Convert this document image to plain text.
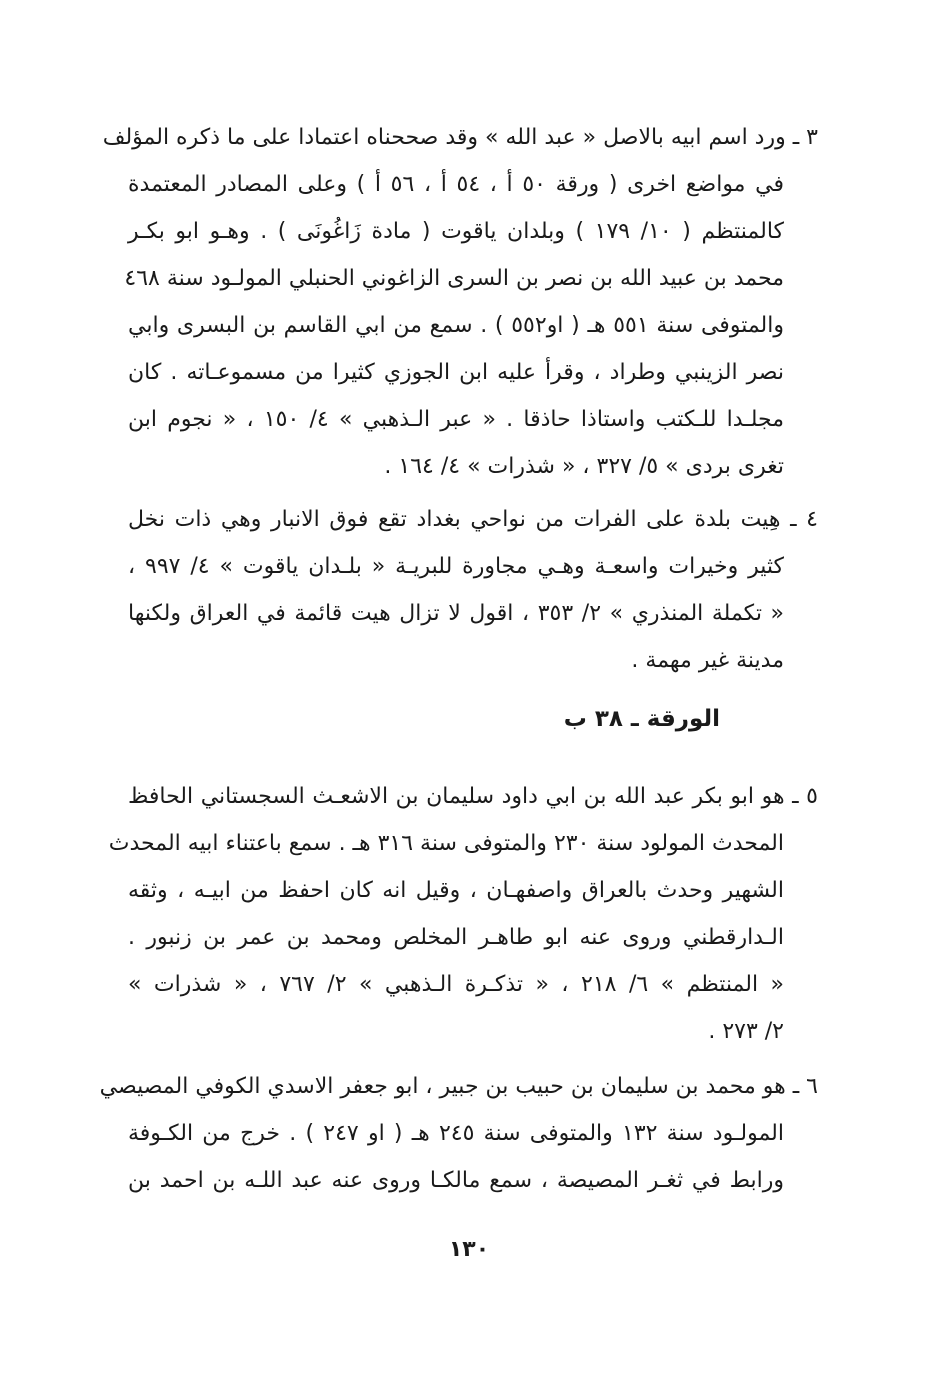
٣ ـ ورد اسم ابيه بالاصل « عبد الله » وقد صححناه اعتمادا على ما ذكره المؤلف
في مواضع اخرى ( ورقة ٥٠ أ ، ٥٤ أ ، ٥٦ أ ) وعلى المصادر المعتمدة
كالمنتظم ( ١٠/ ١٧٩ ) وبلدان ياقوت ( مادة زَاغُونَى ) . وهـو ابو بكـر
محمد بن عبيد الله بن نصر بن السرى الزاغوني الحنبلي المولـود سنة ٤٦٨
والمتوفى سنة ٥٥١ هـ ( او٥٥٢ ) . سمع من ابي القاسم بن البسرى وابي
نصر الزينبي وطراد ، وقرأ عليه ابن الجوزي كثيرا من مسموعـاته . كان
مجلـدا للـكتب واستاذا حاذقا . « عبر الـذهبي » ٤/ ١٥٠ ، « نجوم ابن
تغرى بردى » ٥/ ٣٢٧ ، « شذرات » ٤/ ١٦٤ .
٤ ـ هِيت بلدة على الفرات من نواحي بغداد تقع فوق الانبار وهي ذات نخل
كثير وخيرات واسعـة وهـي مجاورة للبريـة « بلـدان ياقوت » ٤/ ٩٩٧ ،
« تكملة المنذري » ٢/ ٣٥٣ ، اقول لا تزال هيت قائمة في العراق ولكنها
مدينة غير مهمة .
الورقة ـ ٣٨ ب
٥ ـ هو ابو بكر عبد الله بن ابي داود سليمان بن الاشعـث السجستاني الحافظ
المحدث المولود سنة ٢٣٠ والمتوفى سنة ٣١٦ هـ . سمع باعتناء ابيه المحدث
الشهير وحدث بالعراق واصفهـان ، وقيل انه كان احفظ من ابيـه ، وثقه
الـدارقطني وروى عنه ابو طاهـر المخلص ومحمد بن عمر بن زنبور .
« المنتظم » ٦/ ٢١٨ ، « تذكـرة الـذهبي » ٢/ ٧٦٧ ، « شذرات »
٢/ ٢٧٣ .
٦ ـ هو محمد بن سليمان بن حبيب بن جبير ، ابو جعفر الاسدي الكوفي المصيصي
المولـود سنة ١٣٢ والمتوفى سنة ٢٤٥ هـ ( او ٢٤٧ ) . خرج من الكـوفة
ورابط في ثغـر المصيصة ، سمع مالكـا وروى عنه عبد اللـه بن احمد بن
١٣٠
